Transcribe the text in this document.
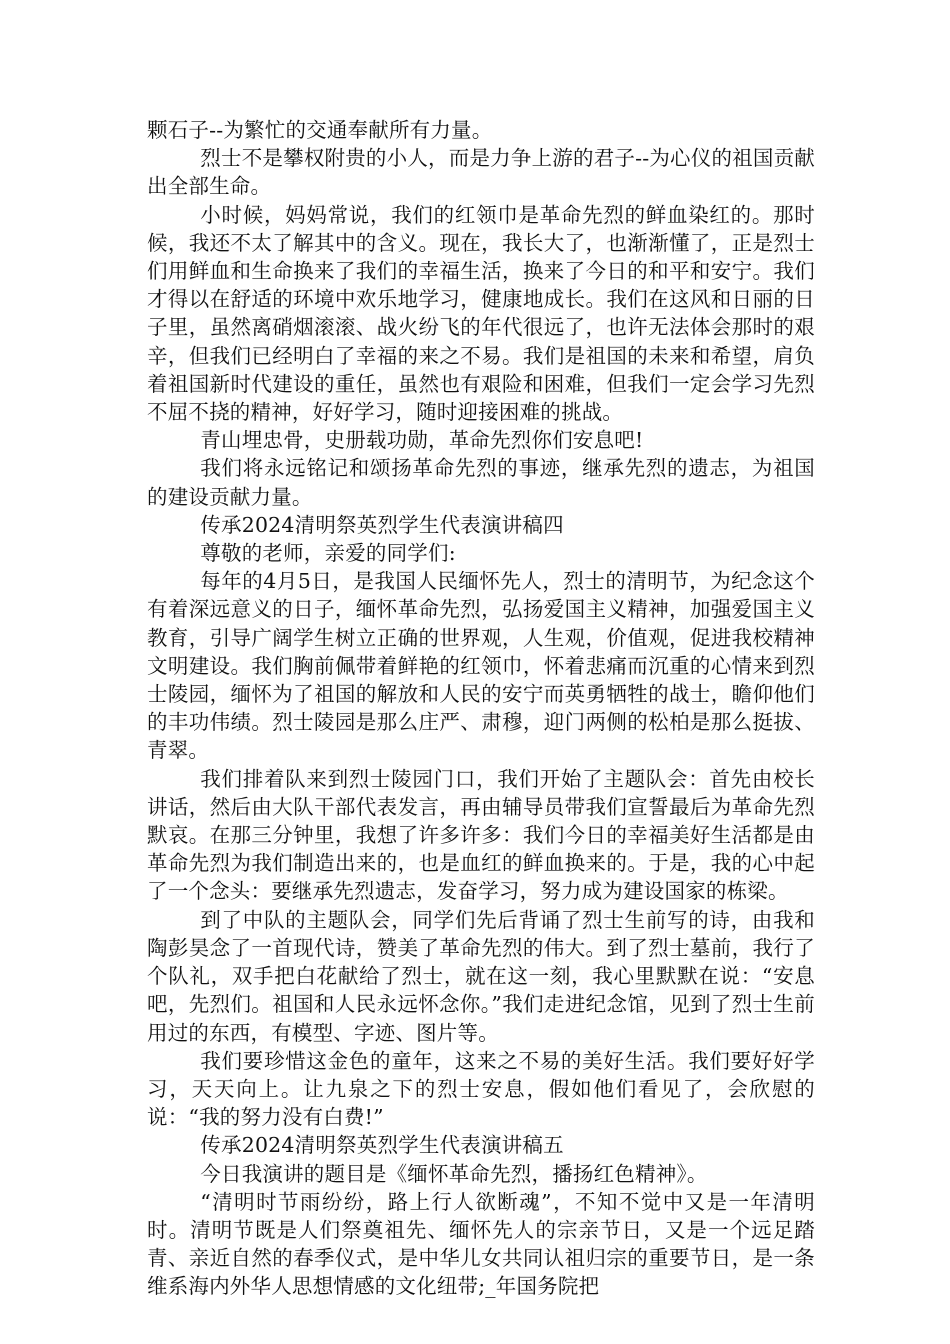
颗石子--为繁忙的交通奉献所有力量。

烈士不是攀权附贵的小人，而是力争上游的君子--为心仪的祖国贡献出全部生命。

小时候，妈妈常说，我们的红领巾是革命先烈的鲜血染红的。那时候，我还不太了解其中的含义。现在，我长大了，也渐渐懂了，正是烈士们用鲜血和生命换来了我们的幸福生活，换来了今日的和平和安宁。我们才得以在舒适的环境中欢乐地学习，健康地成长。我们在这风和日丽的日子里，虽然离硝烟滚滚、战火纷飞的年代很远了，也许无法体会那时的艰辛，但我们已经明白了幸福的来之不易。我们是祖国的未来和希望，肩负着祖国新时代建设的重任，虽然也有艰险和困难，但我们一定会学习先烈不屈不挠的精神，好好学习，随时迎接困难的挑战。

青山埋忠骨，史册载功勋，革命先烈你们安息吧!

我们将永远铭记和颂扬革命先烈的事迹，继承先烈的遗志，为祖国的建设贡献力量。

传承2024清明祭英烈学生代表演讲稿四

尊敬的老师，亲爱的同学们:

每年的4月5日，是我国人民缅怀先人，烈士的清明节，为纪念这个有着深远意义的日子，缅怀革命先烈，弘扬爱国主义精神，加强爱国主义教育，引导广阔学生树立正确的世界观，人生观，价值观，促进我校精神文明建设。我们胸前佩带着鲜艳的红领巾，怀着悲痛而沉重的心情来到烈士陵园，缅怀为了祖国的解放和人民的安宁而英勇牺牲的战士，瞻仰他们的丰功伟绩。烈士陵园是那么庄严、肃穆，迎门两侧的松柏是那么挺拔、青翠。

我们排着队来到烈士陵园门口，我们开始了主题队会：首先由校长讲话，然后由大队干部代表发言，再由辅导员带我们宣誓最后为革命先烈默哀。在那三分钟里，我想了许多许多：我们今日的幸福美好生活都是由革命先烈为我们制造出来的，也是血红的鲜血换来的。于是，我的心中起了一个念头：要继承先烈遗志，发奋学习，努力成为建设国家的栋梁。

到了中队的主题队会，同学们先后背诵了烈士生前写的诗，由我和陶彭昊念了一首现代诗，赞美了革命先烈的伟大。到了烈士墓前，我行了个队礼，双手把白花献给了烈士，就在这一刻，我心里默默在说：“安息吧，先烈们。祖国和人民永远怀念你。”我们走进纪念馆，见到了烈士生前用过的东西，有模型、字迹、图片等。

我们要珍惜这金色的童年，这来之不易的美好生活。我们要好好学习，天天向上。让九泉之下的烈士安息，假如他们看见了，会欣慰的说：“我的努力没有白费!”

传承2024清明祭英烈学生代表演讲稿五

今日我演讲的题目是《缅怀革命先烈，播扬红色精神》。

“清明时节雨纷纷，路上行人欲断魂”，不知不觉中又是一年清明时。清明节既是人们祭奠祖先、缅怀先人的宗亲节日，又是一个远足踏青、亲近自然的春季仪式，是中华儿女共同认祖归宗的重要节日，是一条维系海内外华人思想情感的文化纽带;_年国务院把
